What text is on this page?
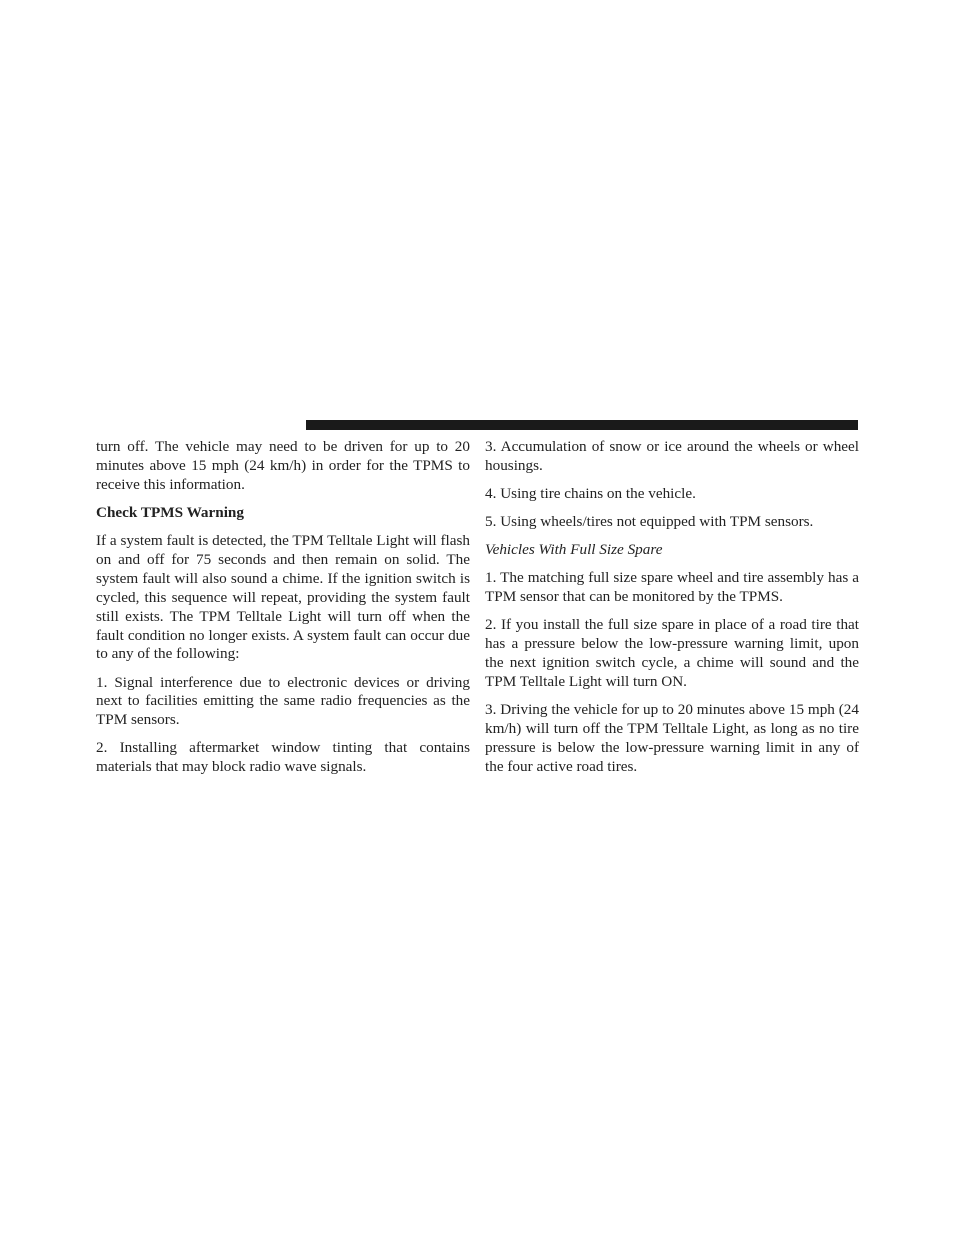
turn off. The vehicle may need to be driven for up to 20 minutes above 15 mph (24 km/h) in order for the TPMS to receive this information.

Check TPMS Warning

If a system fault is detected, the TPM Telltale Light will flash on and off for 75 seconds and then remain on solid. The system fault will also sound a chime. If the ignition switch is cycled, this sequence will repeat, providing the system fault still exists. The TPM Telltale Light will turn off when the fault condition no longer exists. A system fault can occur due to any of the following:

1. Signal interference due to electronic devices or driving next to facilities emitting the same radio frequencies as the TPM sensors.

2. Installing aftermarket window tinting that contains materials that may block radio wave signals.

3. Accumulation of snow or ice around the wheels or wheel housings.

4. Using tire chains on the vehicle.

5. Using wheels/tires not equipped with TPM sensors.

Vehicles With Full Size Spare

1. The matching full size spare wheel and tire assembly has a TPM sensor that can be monitored by the TPMS.

2. If you install the full size spare in place of a road tire that has a pressure below the low-pressure warning limit, upon the next ignition switch cycle, a chime will sound and the TPM Telltale Light will turn ON.

3. Driving the vehicle for up to 20 minutes above 15 mph (24 km/h) will turn off the TPM Telltale Light, as long as no tire pressure is below the low-pressure warning limit in any of the four active road tires.
